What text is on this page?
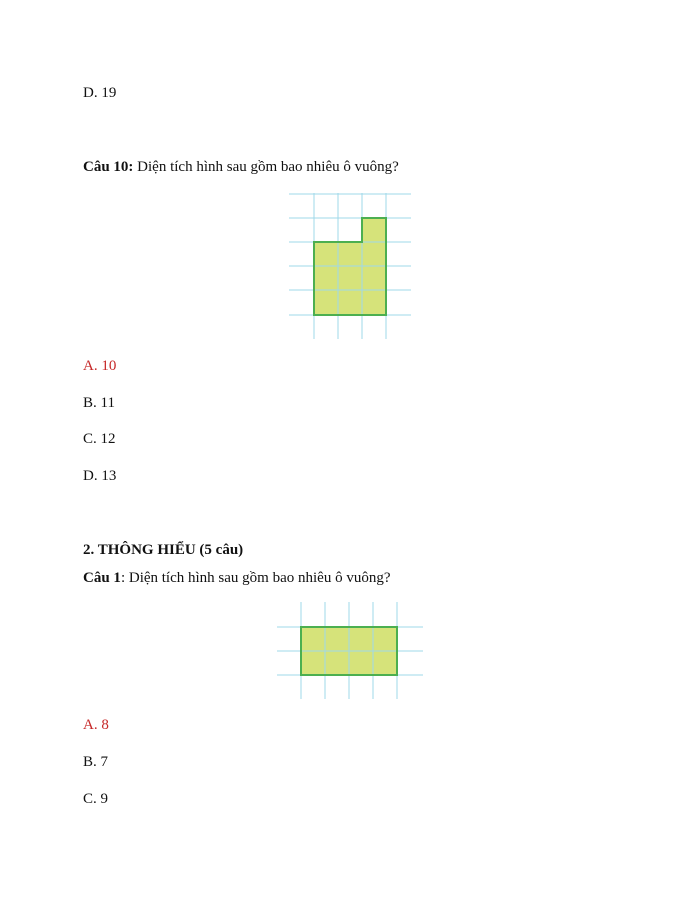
D. 19
Câu 10: Diện tích hình sau gồm bao nhiêu ô vuông?
A. 10
B. 11
C. 12
D. 13
2. THÔNG HIỂU (5 câu)
Câu 1: Diện tích hình sau gồm bao nhiêu ô vuông?
A. 8
B. 7
C. 9
